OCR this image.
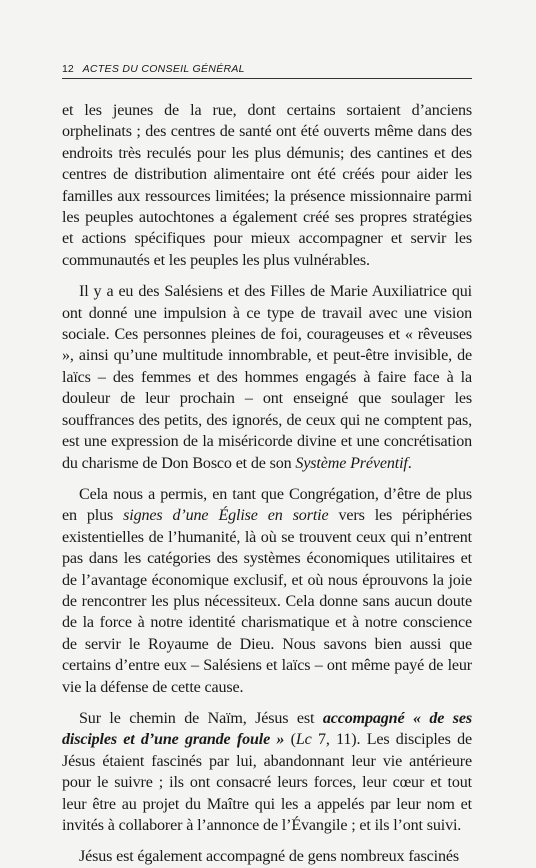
12 ACTES DU CONSEIL GÉNÉRAL

et les jeunes de la rue, dont certains sortaient d’anciens orphelinats ; des centres de santé ont été ouverts même dans des endroits très reculés pour les plus démunis; des cantines et des centres de distribution alimentaire ont été créés pour aider les familles aux ressources limitées; la présence missionnaire parmi les peuples autochtones a également créé ses propres stratégies et actions spécifiques pour mieux accompagner et servir les communautés et les peuples les plus vulnérables.

Il y a eu des Salésiens et des Filles de Marie Auxiliatrice qui ont donné une impulsion à ce type de travail avec une vision sociale. Ces personnes pleines de foi, courageuses et « rêveuses », ainsi qu’une multitude innombrable, et peut-être invisible, de laïcs – des femmes et des hommes engagés à faire face à la douleur de leur prochain – ont enseigné que soulager les souffrances des petits, des ignorés, de ceux qui ne comptent pas, est une expression de la miséricorde divine et une concrétisation du charisme de Don Bosco et de son Système Préventif.

Cela nous a permis, en tant que Congrégation, d’être de plus en plus signes d’une Église en sortie vers les périphéries existentielles de l’humanité, là où se trouvent ceux qui n’entrent pas dans les catégories des systèmes économiques utilitaires et de l’avantage économique exclusif, et où nous éprouvons la joie de rencontrer les plus nécessiteux. Cela donne sans aucun doute de la force à notre identité charismatique et à notre conscience de servir le Royaume de Dieu. Nous savons bien aussi que certains d’entre eux – Salésiens et laïcs – ont même payé de leur vie la défense de cette cause.

Sur le chemin de Naïm, Jésus est accompagné « de ses disciples et d’une grande foule » (Lc 7, 11). Les disciples de Jésus étaient fascinés par lui, abandonnant leur vie antérieure pour le suivre ; ils ont consacré leurs forces, leur cœur et tout leur être au projet du Maître qui les a appelés par leur nom et invités à collaborer à l’annonce de l’Évangile ; et ils l’ont suivi.

Jésus est également accompagné de gens nombreux fascinés
